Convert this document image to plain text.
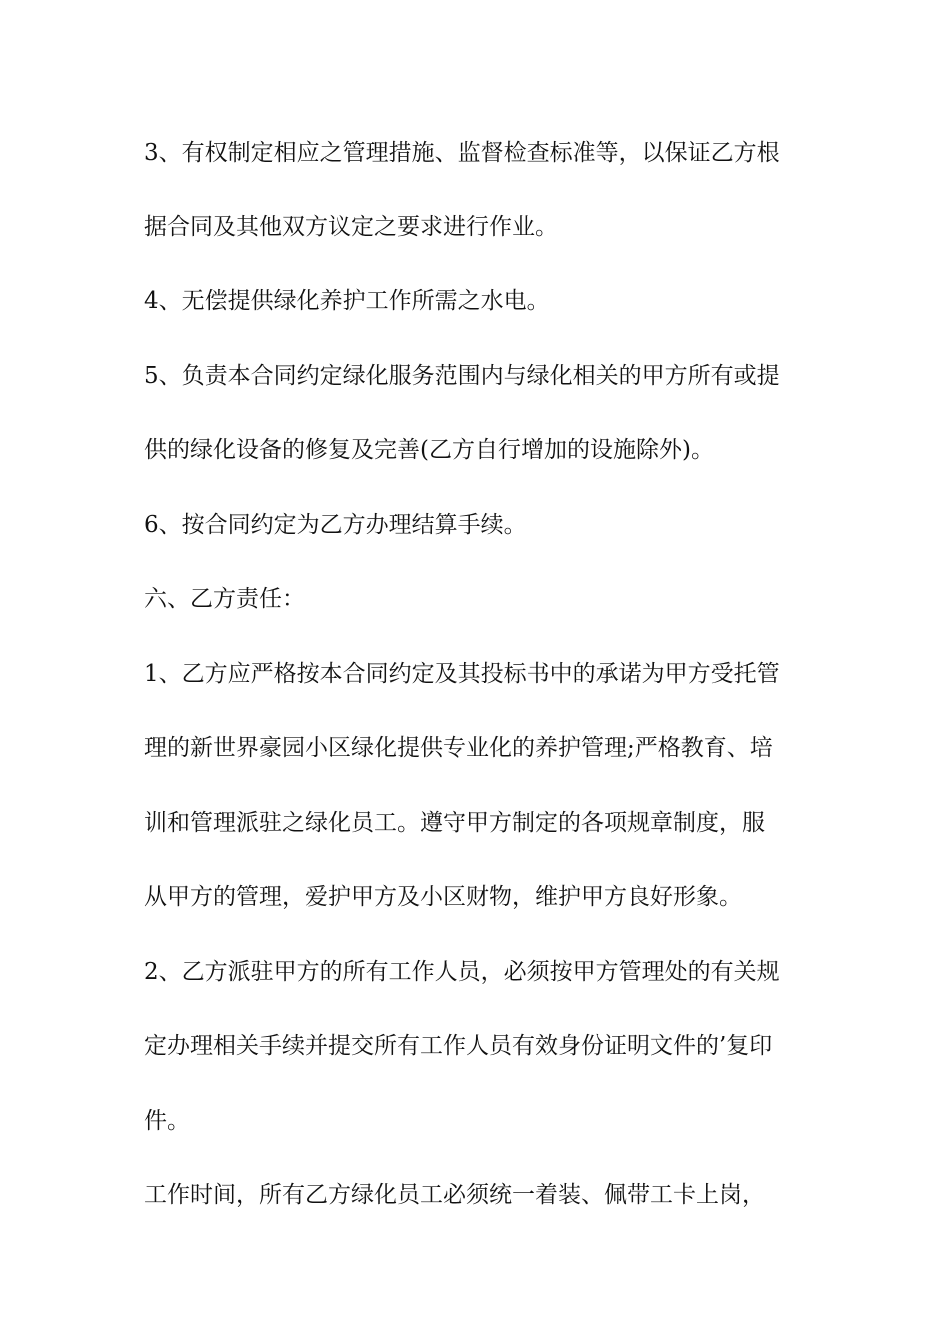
3、有权制定相应之管理措施、监督检查标准等，以保证乙方根
据合同及其他双方议定之要求进行作业。
4、无偿提供绿化养护工作所需之水电。
5、负责本合同约定绿化服务范围内与绿化相关的甲方所有或提
供的绿化设备的修复及完善(乙方自行增加的设施除外)。
6、按合同约定为乙方办理结算手续。
六、乙方责任：
1、乙方应严格按本合同约定及其投标书中的承诺为甲方受托管
理的新世界豪园小区绿化提供专业化的养护管理;严格教育、培
训和管理派驻之绿化员工。遵守甲方制定的各项规章制度，服
从甲方的管理，爱护甲方及小区财物，维护甲方良好形象。
2、乙方派驻甲方的所有工作人员，必须按甲方管理处的有关规
定办理相关手续并提交所有工作人员有效身份证明文件的’复印
件。
工作时间，所有乙方绿化员工必须统一着装、佩带工卡上岗，
